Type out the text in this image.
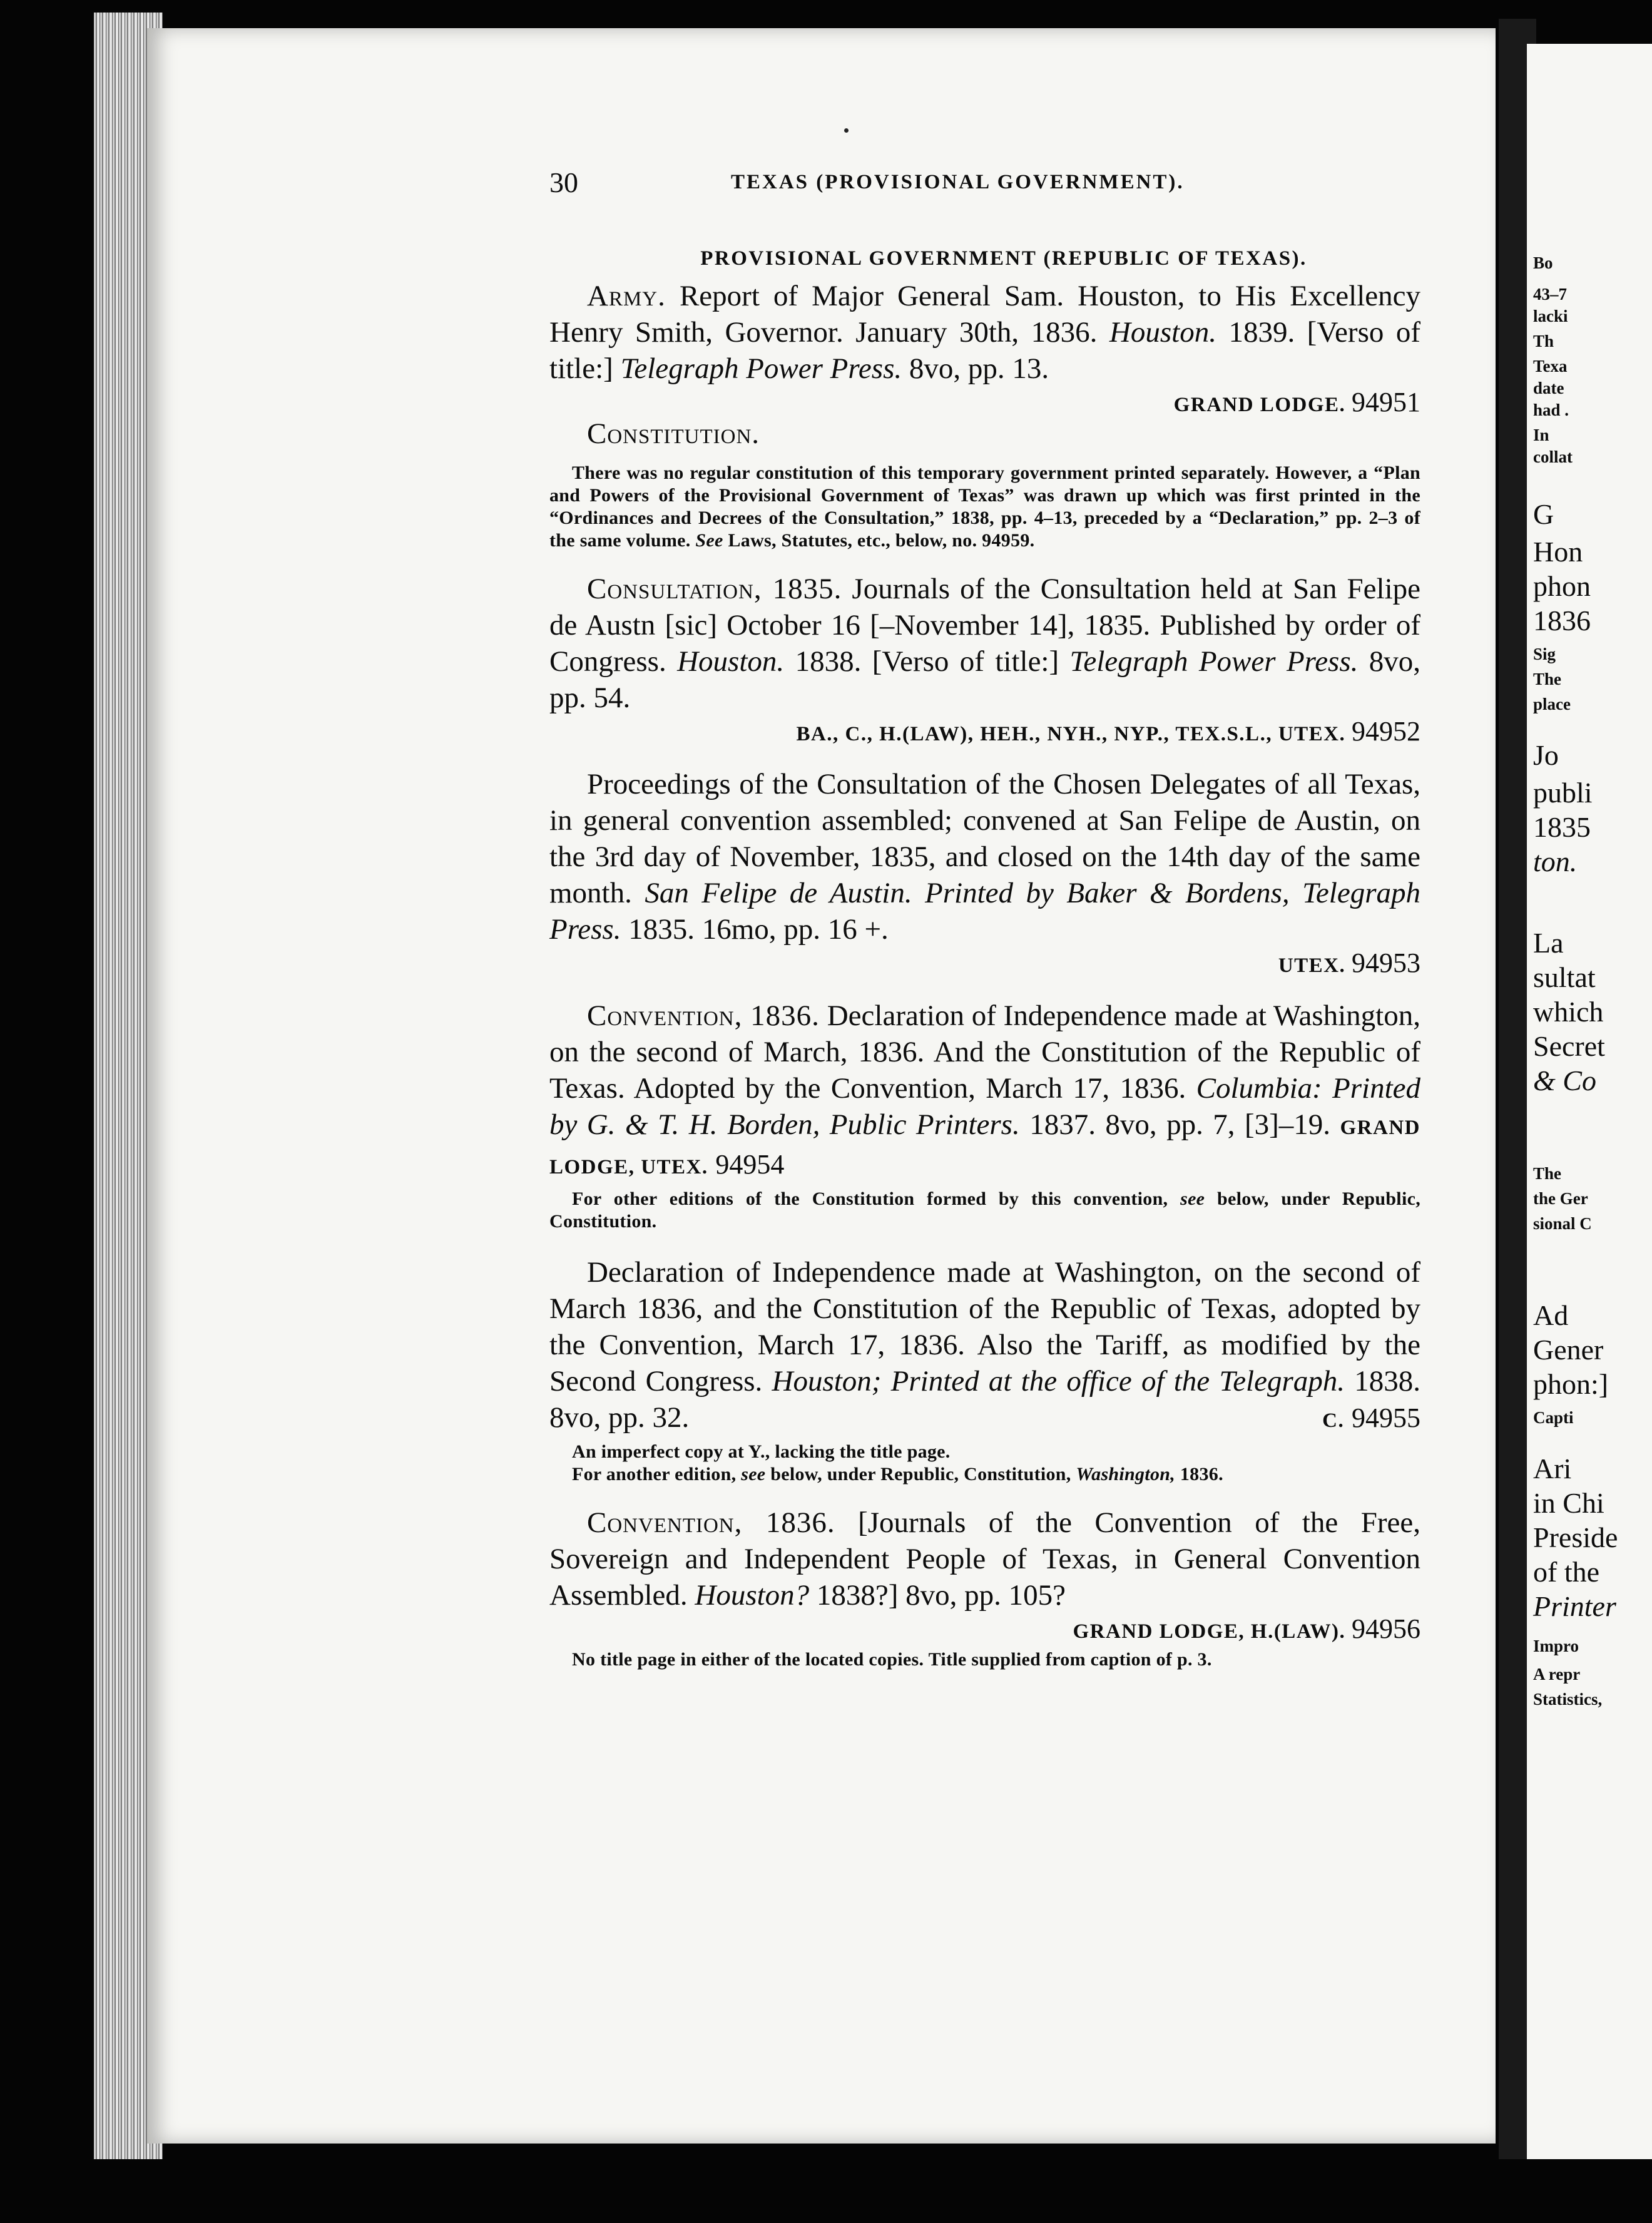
Bo
43–7
lacki
Th
Texa
date
had .
In
collat
G
Hon
phon
1836
Sig
The
place
Jo
publi
1835
ton.
La
sultat
which
Secret
& Co
The
the Ger
sional C
Ad
Gener
phon:]
Capti
Ari
in Chi
Preside
of the
Printer
Impro
A repr
Statistics,
30	TEXAS (PROVISIONAL GOVERNMENT).
PROVISIONAL GOVERNMENT (REPUBLIC OF TEXAS).

Army. Report of Major General Sam. Houston, to His Excellency Henry Smith, Governor. January 30th, 1836. Houston. 1839. [Verso of title:] Telegraph Power Press. 8vo, pp. 13.

GRAND LODGE. 94951
Constitution.

There was no regular constitution of this temporary government printed separately. However, a “Plan and Powers of the Provisional Government of Texas” was drawn up which was first printed in the “Ordinances and Decrees of the Consultation,” 1838, pp. 4–13, preceded by a “Declaration,” pp. 2–3 of the same volume. See Laws, Statutes, etc., below, no. 94959.

Consultation, 1835. Journals of the Consultation held at San Felipe de Austn [sic] October 16 [–November 14], 1835. Published by order of Congress. Houston. 1838. [Verso of title:] Telegraph Power Press. 8vo, pp. 54.

BA., C., H.(LAW), HEH., NYH., NYP., TEX.S.L., UTEX. 94952

Proceedings of the Consultation of the Chosen Delegates of all Texas, in general convention assembled; convened at San Felipe de Austin, on the 3rd day of November, 1835, and closed on the 14th day of the same month. San Felipe de Austin. Printed by Baker & Bordens, Telegraph Press. 1835. 16mo, pp. 16 +.

UTEX. 94953

Convention, 1836. Declaration of Independence made at Washington, on the second of March, 1836. And the Constitution of the Republic of Texas. Adopted by the Convention, March 17, 1836. Columbia: Printed by G. & T. H. Borden, Public Printers. 1837. 8vo, pp. 7, [3]–19. GRAND LODGE, UTEX. 94954

For other editions of the Constitution formed by this convention, see below, under Republic, Constitution.

Declaration of Independence made at Washington, on the second of March 1836, and the Constitution of the Republic of Texas, adopted by the Convention, March 17, 1836. Also the Tariff, as modified by the Second Congress. Houston; Printed at the office of the Telegraph. 1838. 8vo, pp. 32.	C. 94955

An imperfect copy at Y., lacking the title page.

For another edition, see below, under Republic, Constitution, Washington, 1836.

Convention, 1836. [Journals of the Convention of the Free, Sovereign and Independent People of Texas, in General Convention Assembled. Houston? 1838?] 8vo, pp. 105?

GRAND LODGE, H.(LAW). 94956

No title page in either of the located copies. Title supplied from caption of p. 3.
